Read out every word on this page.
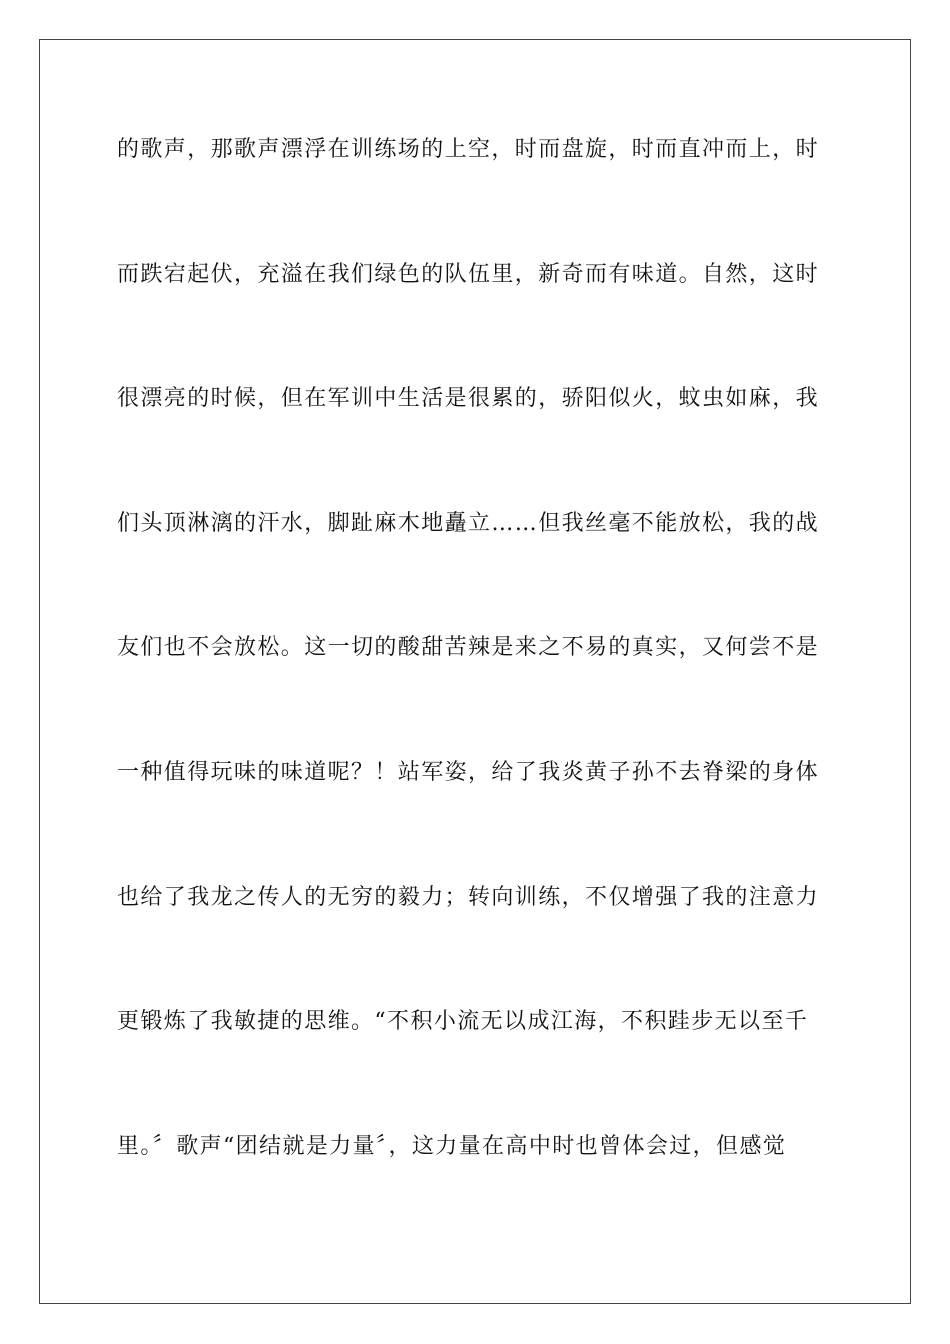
的歌声，那歌声漂浮在训练场的上空，时而盘旋，时而直冲而上，时
而跌宕起伏，充溢在我们绿色的队伍里，新奇而有味道。自然，这时
很漂亮的时候，但在军训中生活是很累的，骄阳似火，蚊虫如麻，我
们头顶淋漓的汗水，脚趾麻木地矗立……但我丝毫不能放松，我的战
友们也不会放松。这一切的酸甜苦辣是来之不易的真实，又何尝不是
一种值得玩味的味道呢？！站军姿，给了我炎黄子孙不去脊梁的身体
也给了我龙之传人的无穷的毅力；转向训练，不仅增强了我的注意力
更锻炼了我敏捷的思维。“不积小流无以成江海，不积跬步无以至千
里。〞歌声“团结就是力量〞，这力量在高中时也曾体会过，但感觉
